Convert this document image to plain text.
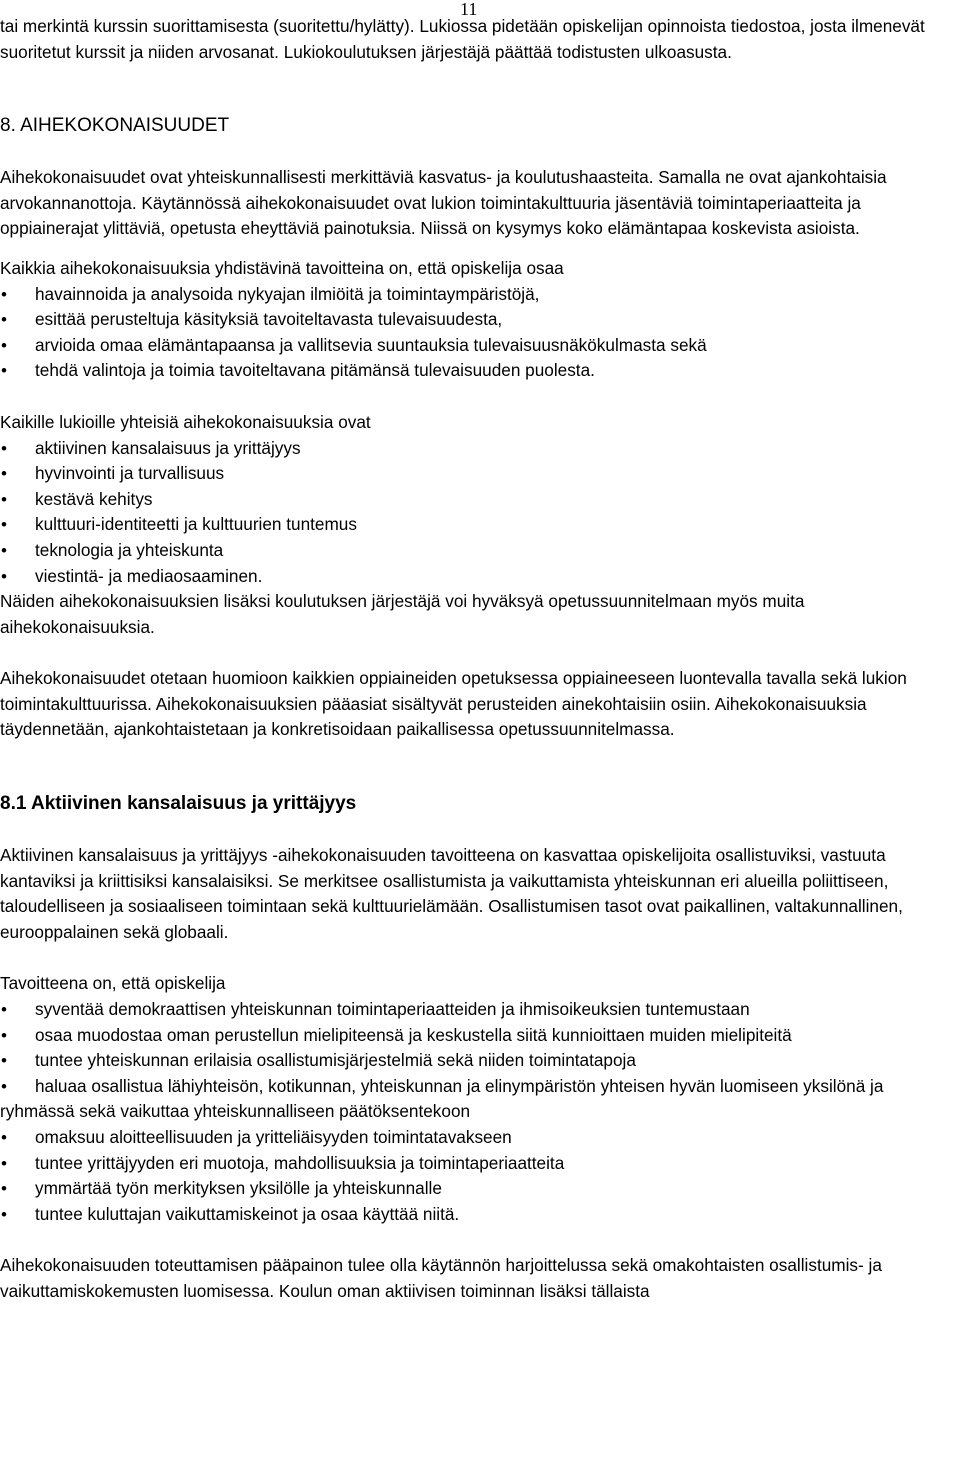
11

tai merkintä kurssin suorittamisesta (suoritettu/hylätty). Lukiossa pidetään opiskelijan opinnoista tiedostoa, josta ilmenevät suoritetut kurssit ja niiden arvosanat. Lukiokoulutuksen järjestäjä päättää todistusten ulkoasusta.

8. AIHEKOKONAISUUDET

Aihekokonaisuudet ovat yhteiskunnallisesti merkittäviä kasvatus- ja koulutushaasteita. Samalla ne ovat ajankohtaisia arvokannanottoja. Käytännössä aihekokonaisuudet ovat lukion toimintakulttuuria jäsentäviä toimintaperiaatteita ja oppiainerajat ylittäviä, opetusta eheyttäviä painotuksia. Niissä on kysymys koko elämäntapaa koskevista asioista.

Kaikkia aihekokonaisuuksia yhdistävinä tavoitteina on, että opiskelija osaa

• havainnoida ja analysoida nykyajan ilmiöitä ja toimintaympäristöjä,
• esittää perusteltuja käsityksiä tavoiteltavasta tulevaisuudesta,
• arvioida omaa elämäntapaansa ja vallitsevia suuntauksia tulevaisuusnäkökulmasta sekä
• tehdä valintoja ja toimia tavoiteltavana pitämänsä tulevaisuuden puolesta.

Kaikille lukioille yhteisiä aihekokonaisuuksia ovat

• aktiivinen kansalaisuus ja yrittäjyys
• hyvinvointi ja turvallisuus
• kestävä kehitys
• kulttuuri-identiteetti ja kulttuurien tuntemus
• teknologia ja yhteiskunta
• viestintä- ja mediaosaaminen.

Näiden aihekokonaisuuksien lisäksi koulutuksen järjestäjä voi hyväksyä opetussuunnitelmaan myös muita aihekokonaisuuksia.

Aihekokonaisuudet otetaan huomioon kaikkien oppiaineiden opetuksessa oppiaineeseen luontevalla tavalla sekä lukion toimintakulttuurissa. Aihekokonaisuuksien pääasiat sisältyvät perusteiden ainekohtaisiin osiin. Aihekokonaisuuksia täydennetään, ajankohtaistetaan ja konkretisoidaan paikallisessa opetussuunnitelmassa.

8.1 Aktiivinen kansalaisuus ja yrittäjyys

Aktiivinen kansalaisuus ja yrittäjyys -aihekokonaisuuden tavoitteena on kasvattaa opiskelijoita osallistuviksi, vastuuta kantaviksi ja kriittisiksi kansalaisiksi. Se merkitsee osallistumista ja vaikuttamista yhteiskunnan eri alueilla poliittiseen, taloudelliseen ja sosiaaliseen toimintaan sekä kulttuurielämään. Osallistumisen tasot ovat paikallinen, valtakunnallinen, eurooppalainen sekä globaali.

Tavoitteena on, että opiskelija

• syventää demokraattisen yhteiskunnan toimintaperiaatteiden ja ihmisoikeuksien tuntemustaan
• osaa muodostaa oman perustellun mielipiteensä ja keskustella siitä kunnioittaen muiden mielipiteitä
• tuntee yhteiskunnan erilaisia osallistumisjärjestelmiä sekä niiden toimintatapoja
• haluaa osallistua lähiyhteisön, kotikunnan, yhteiskunnan ja elinympäristön yhteisen hyvän luomiseen yksilönä ja ryhmässä sekä vaikuttaa yhteiskunnalliseen päätöksentekoon
• omaksuu aloitteellisuuden ja yritteliäisyyden toimintatavakseen
• tuntee yrittäjyyden eri muotoja, mahdollisuuksia ja toimintaperiaatteita
• ymmärtää työn merkityksen yksilölle ja yhteiskunnalle
• tuntee kuluttajan vaikuttamiskeinot ja osaa käyttää niitä.

Aihekokonaisuuden toteuttamisen pääpainon tulee olla käytännön harjoittelussa sekä omakohtaisten osallistumis- ja vaikuttamiskokemusten luomisessa. Koulun oman aktiivisen toiminnan lisäksi tällaista
